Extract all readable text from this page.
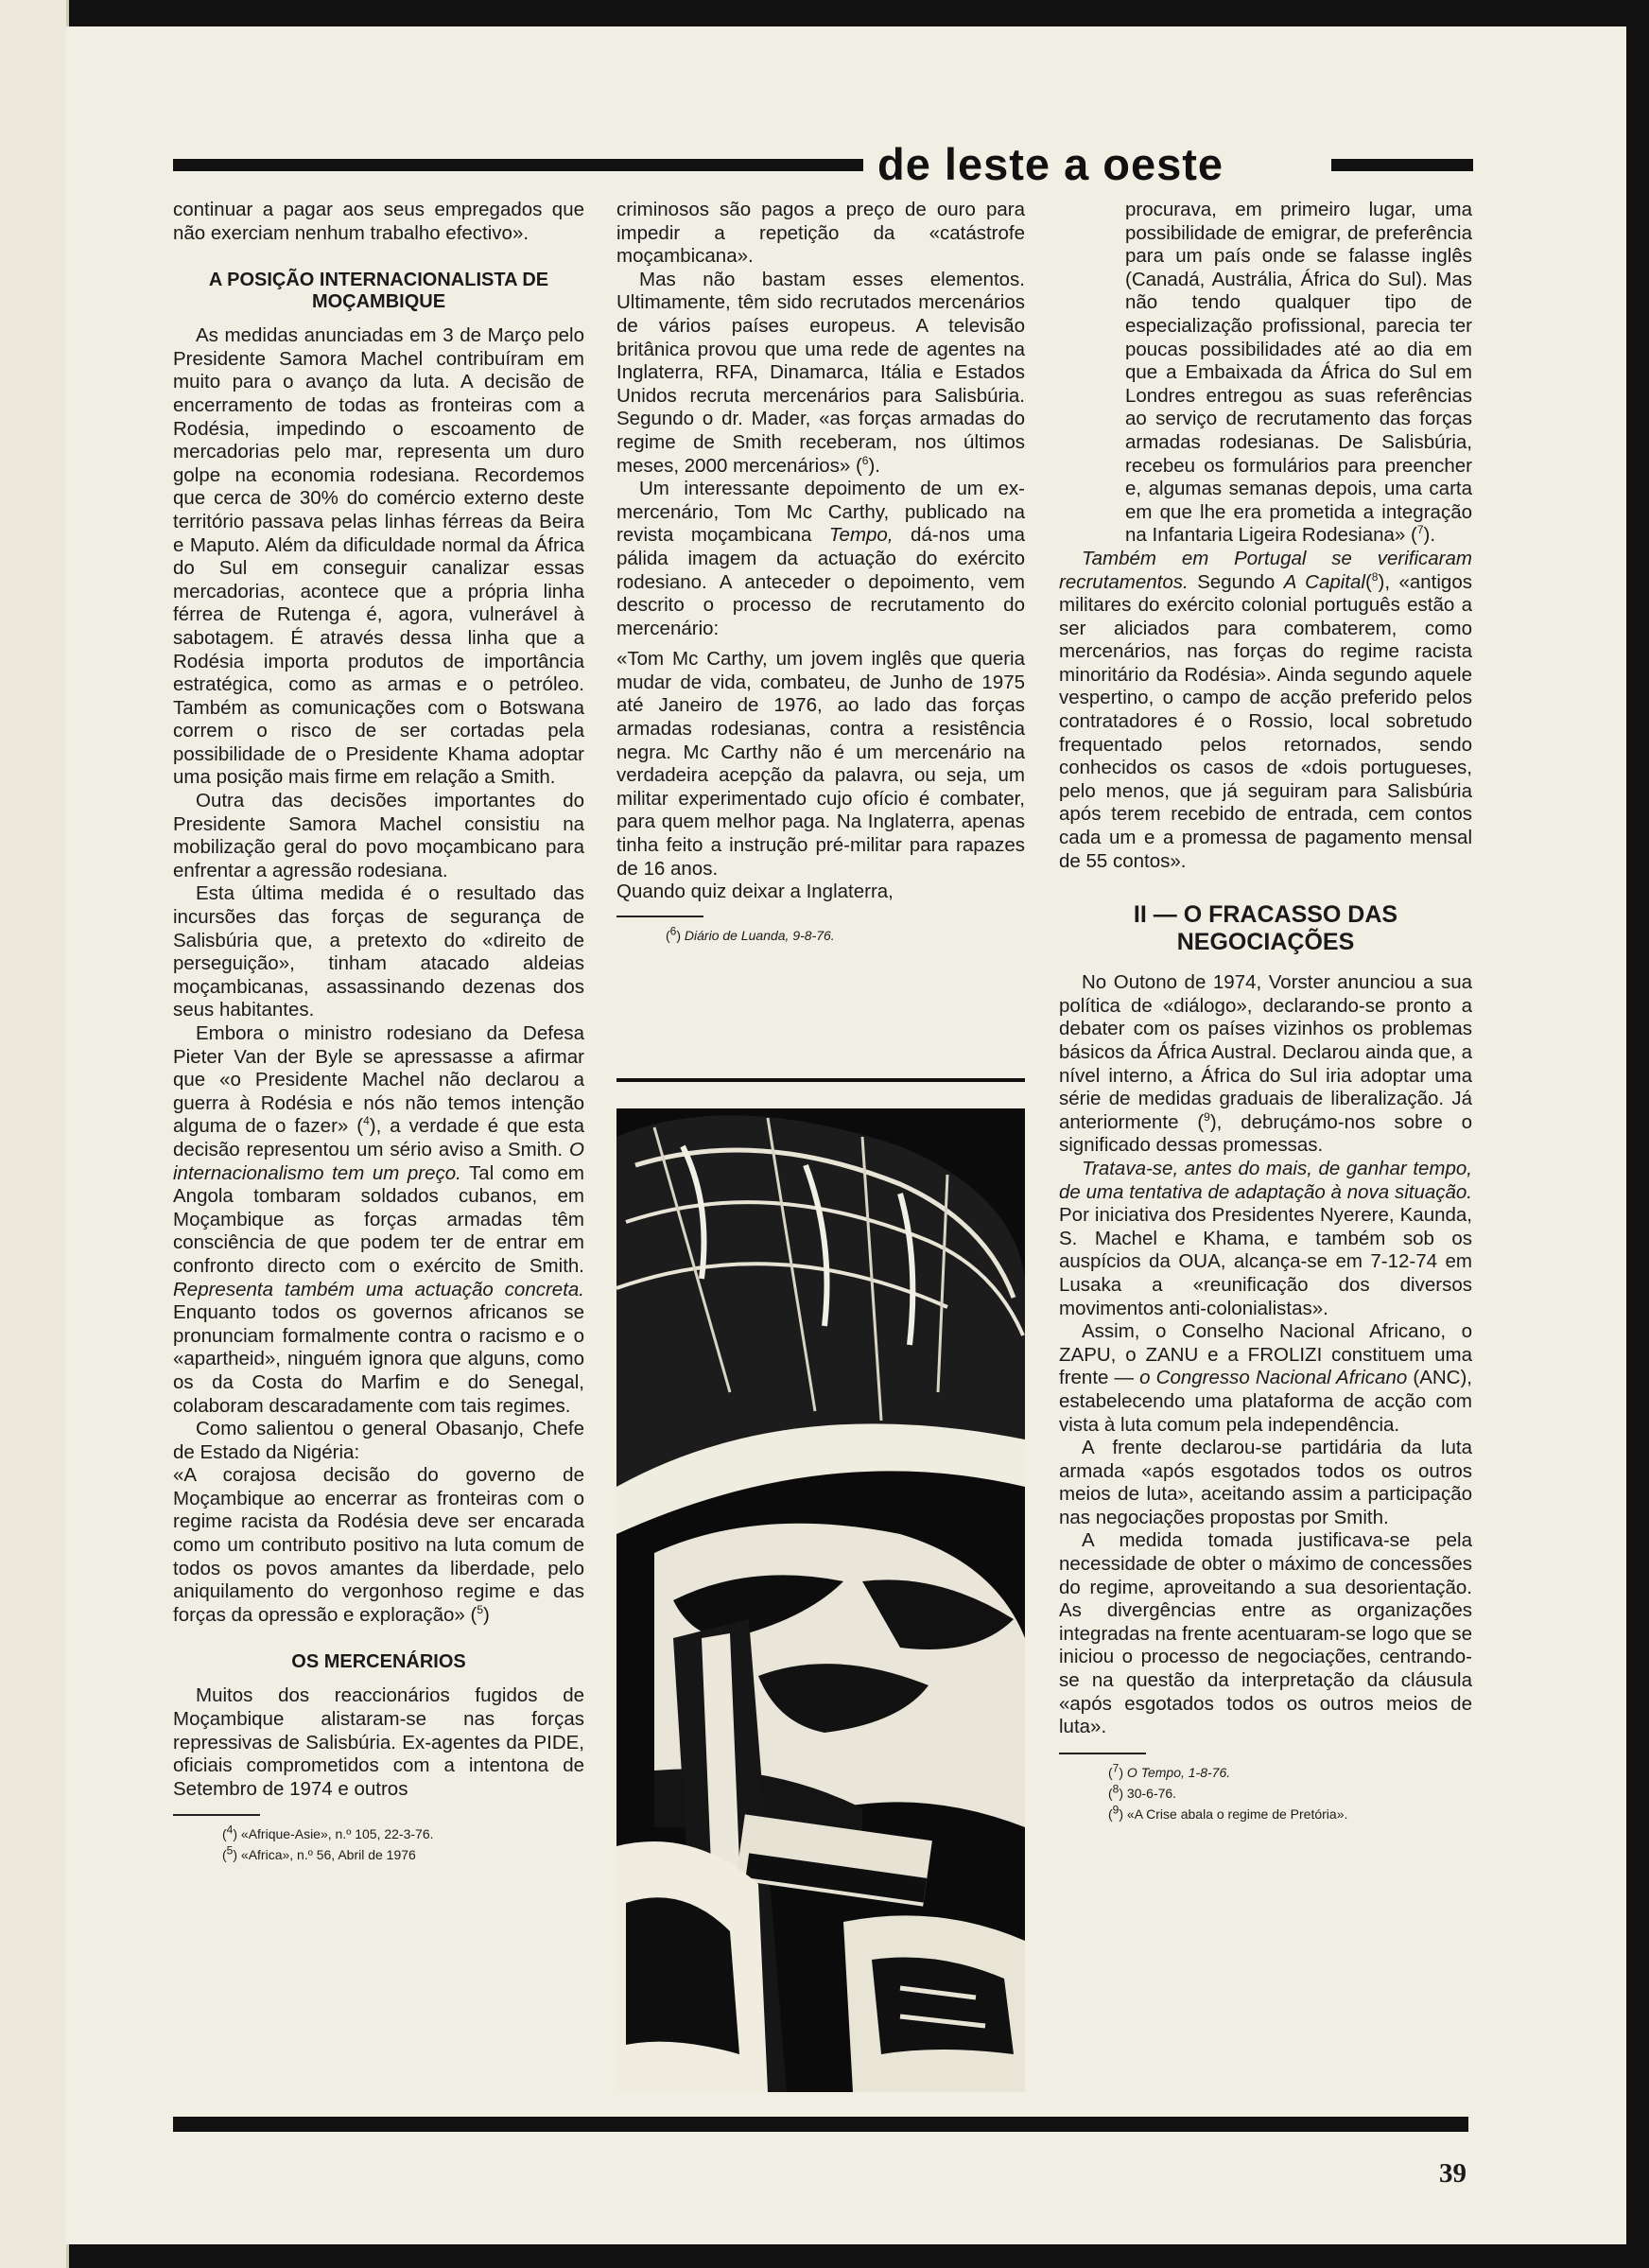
de leste a oeste

continuar a pagar aos seus empregados que não exerciam nenhum trabalho efectivo».

A POSIÇÃO INTERNACIONALISTA DE MOÇAMBIQUE

As medidas anunciadas em 3 de Março pelo Presidente Samora Machel contribuíram em muito para o avanço da luta. A decisão de encerramento de todas as fronteiras com a Rodésia, impedindo o escoamento de mercadorias pelo mar, representa um duro golpe na economia rodesiana. Recordemos que cerca de 30% do comércio externo deste território passava pelas linhas férreas da Beira e Maputo. Além da dificuldade normal da África do Sul em conseguir canalizar essas mercadorias, acontece que a própria linha férrea de Rutenga é, agora, vulnerável à sabotagem. É através dessa linha que a Rodésia importa produtos de importância estratégica, como as armas e o petróleo. Também as comunicações com o Botswana correm o risco de ser cortadas pela possibilidade de o Presidente Khama adoptar uma posição mais firme em relação a Smith.

Outra das decisões importantes do Presidente Samora Machel consistiu na mobilização geral do povo moçambicano para enfrentar a agressão rodesiana.

Esta última medida é o resultado das incursões das forças de segurança de Salisbúria que, a pretexto do «direito de perseguição», tinham atacado aldeias moçambicanas, assassinando dezenas dos seus habitantes.

Embora o ministro rodesiano da Defesa Pieter Van der Byle se apressasse a afirmar que «o Presidente Machel não declarou a guerra à Rodésia e nós não temos intenção alguma de o fazer» ($^4$), a verdade é que esta decisão representou um sério aviso a Smith. O internacionalismo tem um preço. Tal como em Angola tombaram soldados cubanos, em Moçambique as forças armadas têm consciência de que podem ter de entrar em confronto directo com o exército de Smith. Representa também uma actuação concreta. Enquanto todos os governos africanos se pronunciam formalmente contra o racismo e o «apartheid», ninguém ignora que alguns, como os da Costa do Marfim e do Senegal, colaboram descaradamente com tais regimes.

Como salientou o general Obasanjo, Chefe de Estado da Nigéria:

«A corajosa decisão do governo de Moçambique ao encerrar as fronteiras com o regime racista da Rodésia deve ser encarada como um contributo positivo na luta comum de todos os povos amantes da liberdade, pelo aniquilamento do vergonhoso regime e das forças da opressão e exploração» ($^5$)

OS MERCENÁRIOS

Muitos dos reaccionários fugidos de Moçambique alistaram-se nas forças repressivas de Salisbúria. Ex-agentes da PIDE, oficiais comprometidos com a intentona de Setembro de 1974 e outros

($^4$) «Afrique-Asie», n.º 105, 22-3-76.

($^5$) «Africa», n.º 56, Abril de 1976

criminosos são pagos a preço de ouro para impedir a repetição da «catástrofe moçambicana».

Mas não bastam esses elementos. Ultimamente, têm sido recrutados mercenários de vários países europeus. A televisão britânica provou que uma rede de agentes na Inglaterra, RFA, Dinamarca, Itália e Estados Unidos recruta mercenários para Salisbúria. Segundo o dr. Mader, «as forças armadas do regime de Smith receberam, nos últimos meses, 2000 mercenários» ($^6$).

Um interessante depoimento de um ex-mercenário, Tom Mc Carthy, publicado na revista moçambicana Tempo, dá-nos uma pálida imagem da actuação do exército rodesiano. A anteceder o depoimento, vem descrito o processo de recrutamento do mercenário:

«Tom Mc Carthy, um jovem inglês que queria mudar de vida, combateu, de Junho de 1975 até Janeiro de 1976, ao lado das forças armadas rodesianas, contra a resistência negra. Mc Carthy não é um mercenário na verdadeira acepção da palavra, ou seja, um militar experimentado cujo ofício é combater, para quem melhor paga. Na Inglaterra, apenas tinha feito a instrução pré-militar para rapazes de 16 anos.

Quando quiz deixar a Inglaterra,

($^6$) Diário de Luanda, 9-8-76.

procurava, em primeiro lugar, uma possibilidade de emigrar, de preferência para um país onde se falasse inglês (Canadá, Austrália, África do Sul). Mas não tendo qualquer tipo de especialização profissional, parecia ter poucas possibilidades até ao dia em que a Embaixada da África do Sul em Londres entregou as suas referências ao serviço de recrutamento das forças armadas rodesianas. De Salisbúria, recebeu os formulários para preencher e, algumas semanas depois, uma carta em que lhe era prometida a integração na Infantaria Ligeira Rodesiana» ($^7$).

Também em Portugal se verificaram recrutamentos. Segundo A Capital($^8$), «antigos militares do exército colonial português estão a ser aliciados para combaterem, como mercenários, nas forças do regime racista minoritário da Rodésia». Ainda segundo aquele vespertino, o campo de acção preferido pelos contratadores é o Rossio, local sobretudo frequentado pelos retornados, sendo conhecidos os casos de «dois portugueses, pelo menos, que já seguiram para Salisbúria após terem recebido de entrada, cem contos cada um e a promessa de pagamento mensal de 55 contos».

II — O FRACASSO DAS NEGOCIAÇÕES

No Outono de 1974, Vorster anunciou a sua política de «diálogo», declarando-se pronto a debater com os países vizinhos os problemas básicos da África Austral. Declarou ainda que, a nível interno, a África do Sul iria adoptar uma série de medidas graduais de liberalização. Já anteriormente ($^9$), debruçámo-nos sobre o significado dessas promessas.

Tratava-se, antes do mais, de ganhar tempo, de uma tentativa de adaptação à nova situação. Por iniciativa dos Presidentes Nyerere, Kaunda, S. Machel e Khama, e também sob os auspícios da OUA, alcança-se em 7-12-74 em Lusaka a «reunificação dos diversos movimentos anti-colonialistas».

Assim, o Conselho Nacional Africano, o ZAPU, o ZANU e a FROLIZI constituem uma frente — o Congresso Nacional Africano (ANC), estabelecendo uma plataforma de acção com vista à luta comum pela independência.

A frente declarou-se partidária da luta armada «após esgotados todos os outros meios de luta», aceitando assim a participação nas negociações propostas por Smith.

A medida tomada justificava-se pela necessidade de obter o máximo de concessões do regime, aproveitando a sua desorientação. As divergências entre as organizações integradas na frente acentuaram-se logo que se iniciou o processo de negociações, centrando-se na questão da interpretação da cláusula «após esgotados todos os outros meios de luta».

($^7$) O Tempo, 1-8-76.

($^8$) 30-6-76.

($^9$) «A Crise abala o regime de Pretória».

39
